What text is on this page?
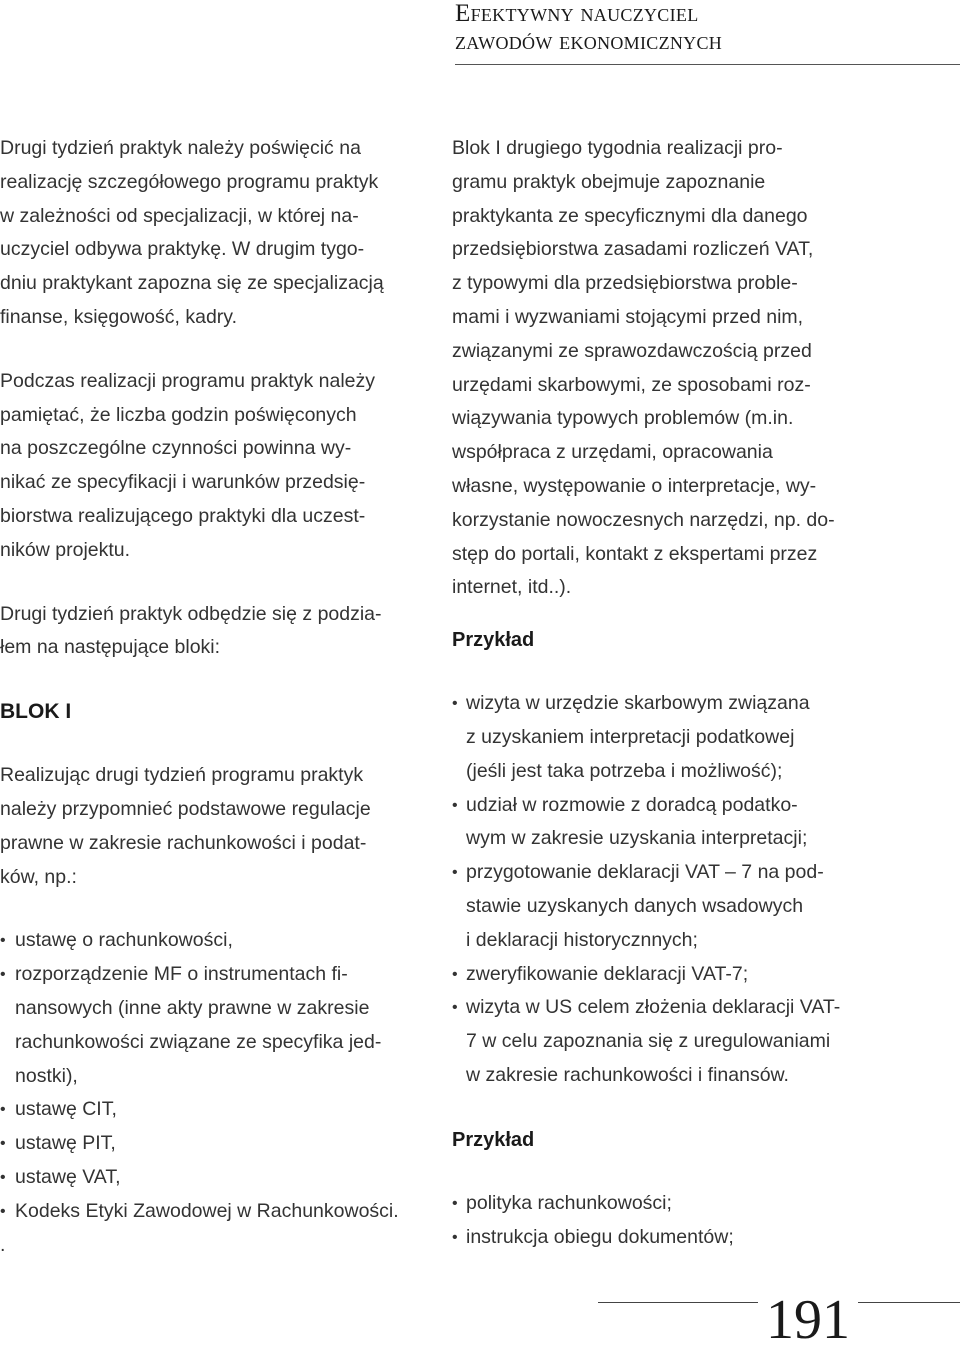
Efektywny nauczyciel
zawodów ekonomicznych

Drugi tydzień praktyk należy poświęcić na
realizację szczegółowego programu praktyk
w zależności od specjalizacji, w której na-
uczyciel odbywa praktykę. W drugim tygo-
dniu praktykant zapozna się ze specjalizacją
finanse, księgowość, kadry.

Podczas realizacji programu praktyk należy
pamiętać, że liczba godzin poświęconych
na poszczególne czynności powinna wy-
nikać ze specyfikacji i warunków przedsię-
biorstwa realizującego praktyki dla uczest-
ników projektu.

Drugi tydzień praktyk odbędzie się z podzia-
łem na następujące bloki:

BLOK I

Realizując drugi tydzień programu praktyk
należy przypomnieć podstawowe regulacje
prawne w zakresie rachunkowości i podat-
ków, np.:

• ustawę o rachunkowości,
• rozporządzenie MF o instrumentach fi-
nansowych (inne akty prawne w zakresie
rachunkowości związane ze specyfika jed-
nostki),
• ustawę CIT,
• ustawę PIT,
• ustawę VAT,
• Kodeks Etyki Zawodowej w Rachunkowości.
.

Blok I drugiego tygodnia realizacji pro-
gramu praktyk obejmuje zapoznanie
praktykanta ze specyficznymi dla danego
przedsiębiorstwa zasadami rozliczeń VAT,
z typowymi dla przedsiębiorstwa proble-
mami i wyzwaniami stojącymi przed nim,
związanymi ze sprawozdawczością przed
urzędami skarbowymi, ze sposobami roz-
wiązywania typowych problemów (m.in.
współpraca z urzędami, opracowania
własne, występowanie o interpretacje, wy-
korzystanie nowoczesnych narzędzi, np. do-
stęp do portali, kontakt z ekspertami przez
internet, itd..).

Przykład

• wizyta w urzędzie skarbowym związana
z uzyskaniem interpretacji podatkowej
(jeśli jest taka potrzeba i możliwość);
• udział w rozmowie z doradcą podatko-
wym w zakresie uzyskania interpretacji;
• przygotowanie deklaracji VAT – 7 na pod-
stawie uzyskanych danych wsadowych
i deklaracji historycznnych;
• zweryfikowanie deklaracji VAT-7;
• wizyta w US celem złożenia deklaracji VAT-
7 w celu zapoznania się z uregulowaniami
w zakresie rachunkowości i finansów.

Przykład

• polityka rachunkowości;
• instrukcja obiegu dokumentów;
191
